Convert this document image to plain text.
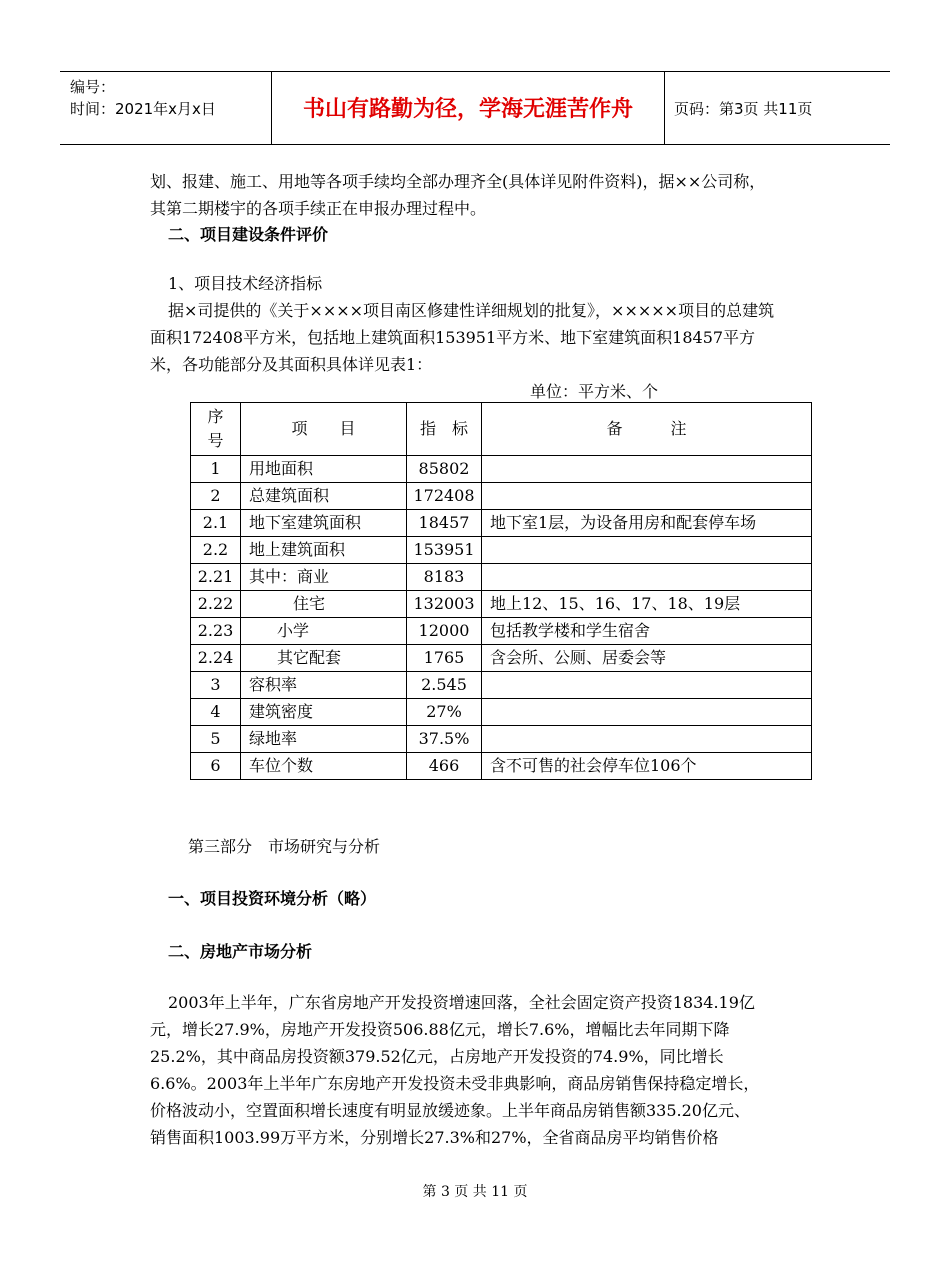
编号：
时间：2021年x月x日	书山有路勤为径，学海无涯苦作舟	页码：第3页 共11页
划、报建、施工、用地等各项手续均全部办理齐全(具体详见附件资料)，据××公司称，
其第二期楼宇的各项手续正在申报办理过程中。
二、项目建设条件评价
1、项目技术经济指标
据×司提供的《关于××××项目南区修建性详细规划的批复》，×××××项目的总建筑
面积172408平方米，包括地上建筑面积153951平方米、地下室建筑面积18457平方
米，各功能部分及其面积具体详见表1：
单位：平方米、个
序号	项　　目	指　标	备　　　注
1	用地面积	85802	
2	总建筑面积	172408	
2.1	地下室建筑面积	18457	地下室1层，为设备用房和配套停车场
2.2	地上建筑面积	153951	
2.21	其中：商业	8183	
2.22	住宅	132003	地上12、15、16、17、18、19层
2.23	小学	12000	包括教学楼和学生宿舍
2.24	其它配套	1765	含会所、公厕、居委会等
3	容积率	2.545	
4	建筑密度	27%	
5	绿地率	37.5%	
6	车位个数	466	含不可售的社会停车位106个
第三部分　市场研究与分析
一、项目投资环境分析（略）
二、房地产市场分析
2003年上半年，广东省房地产开发投资增速回落，全社会固定资产投资1834.19亿
元，增长27.9%，房地产开发投资506.88亿元，增长7.6%，增幅比去年同期下降
25.2%，其中商品房投资额379.52亿元，占房地产开发投资的74.9%，同比增长
6.6%。2003年上半年广东房地产开发投资未受非典影响，商品房销售保持稳定增长，
价格波动小，空置面积增长速度有明显放缓迹象。上半年商品房销售额335.20亿元、
销售面积1003.99万平方米，分别增长27.3%和27%，全省商品房平均销售价格
第 3 页 共 11 页
